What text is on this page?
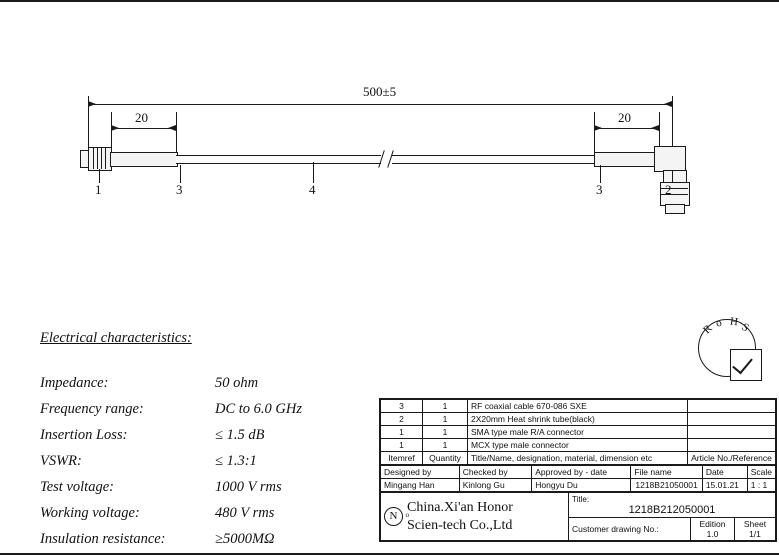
500±5
20	20
1	3	4	3	2
Electrical characteristics:
Impedance:	50 ohm
Frequency range:	DC to 6.0 GHz
Insertion Loss:	≤ 1.5 dB
VSWR:	≤ 1.3:1
Test voltage:	1000 V rms
Working voltage:	480 V rms
Insulation resistance:	≥5000MΩ
R
o H S
3	1	RF coaxial cable 670-086 SXE	
2	1	2X20mm Heat shrink tube(black)	
1	1	SMA type male R/A connector	
1	1	MCX type male connector	
Itemref	Quantity	Title/Name, designation, material, dimension etc	Article No./Reference
Designed by	Checked by	Approved by - date	File name	Date	Scale
Mingang Han	Kinlong Gu	Hongyu Du	1218B21050001	15.01.21	1 : 1
N o
China.Xi'an Honor
Scien-tech Co.,Ltd

Title:
1218B212050001

Customer drawing No.:	Edition
1.0

Sheet
1/1
